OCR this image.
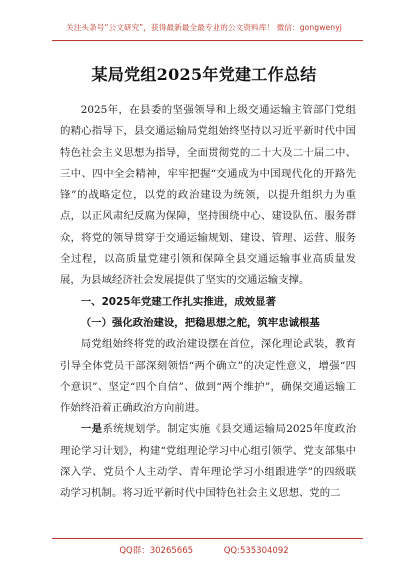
关注头条号“公文研究”，获得最新最全最专业的公文资料库！ 微信：gongwenyj
某局党组2025年党建工作总结

2025年，在县委的坚强领导和上级交通运输主管部门党组的精心指导下，县交通运输局党组始终坚持以习近平新时代中国特色社会主义思想为指导，全面贯彻党的二十大及二十届二中、三中、四中全会精神，牢牢把握“交通成为中国现代化的开路先锋”的战略定位，以党的政治建设为统领，以提升组织力为重点，以正风肃纪反腐为保障，坚持围绕中心、建设队伍、服务群众，将党的领导贯穿于交通运输规划、建设、管理、运营、服务全过程，以高质量党建引领和保障全县交通运输事业高质量发展，为县域经济社会发展提供了坚实的交通运输支撑。

一、2025年党建工作扎实推进，成效显著

（一）强化政治建设，把稳思想之舵，筑牢忠诚根基

局党组始终将党的政治建设摆在首位，深化理论武装，教育引导全体党员干部深刻领悟“两个确立”的决定性意义，增强“四个意识”、坚定“四个自信”、做到“两个维护”，确保交通运输工作始终沿着正确政治方向前进。

一是系统规划学。制定实施《县交通运输局2025年度政治理论学习计划》，构建“党组理论学习中心组引领学、党支部集中深入学、党员个人主动学、青年理论学习小组跟进学”的四级联动学习机制。将习近平新时代中国特色社会主义思想、党的二

QQ群：30265665	QQ:535304092
